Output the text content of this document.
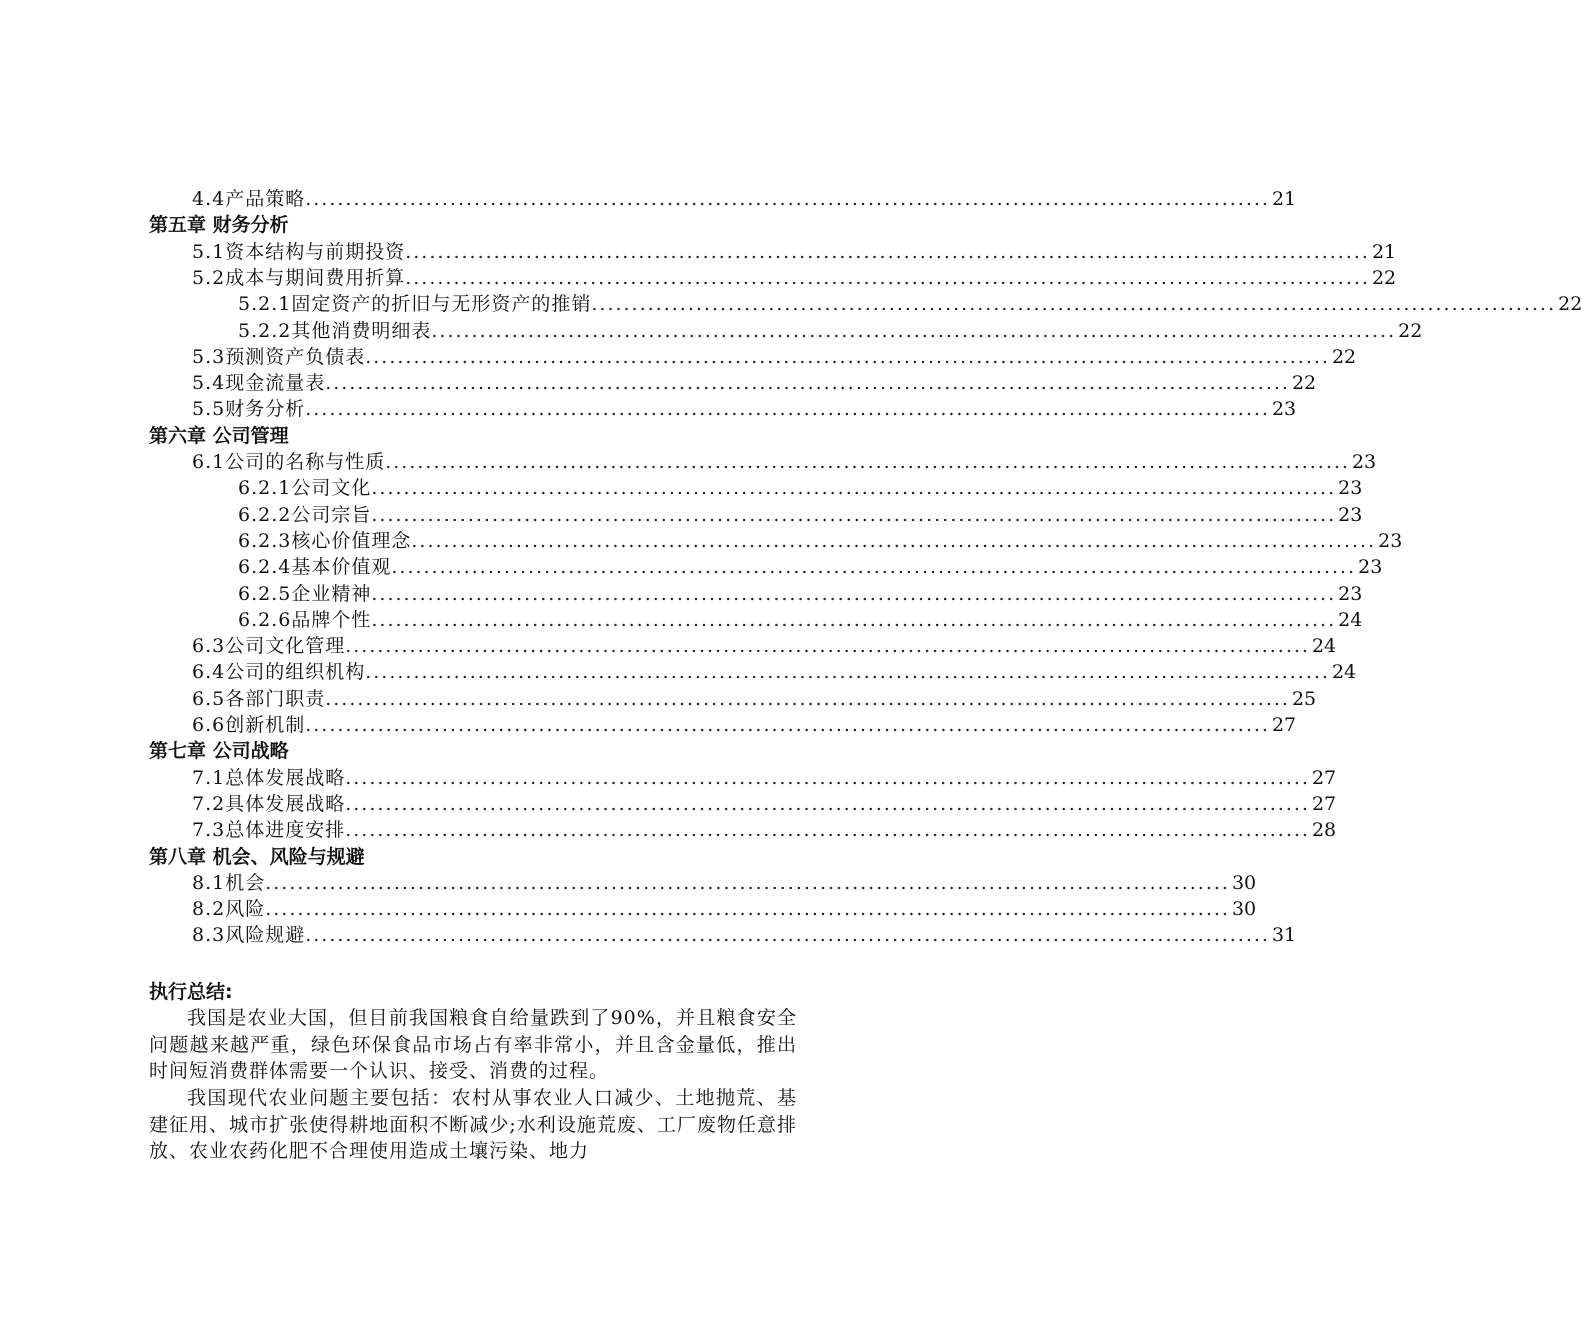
4.4产品策略 ........................................................................................................................ 21
第五章 财务分析
5.1资本结构与前期投资 ........................................................................................................................ 21
5.2成本与期间费用折算 ........................................................................................................................ 22
5.2.1固定资产的折旧与无形资产的推销 ........................................................................................................................ 22
5.2.2其他消费明细表 ........................................................................................................................ 22
5.3预测资产负债表 ........................................................................................................................ 22
5.4现金流量表 ........................................................................................................................ 22
5.5财务分析 ........................................................................................................................ 23
第六章 公司管理
6.1公司的名称与性质 ........................................................................................................................ 23
6.2.1公司文化 ........................................................................................................................ 23
6.2.2公司宗旨 ........................................................................................................................ 23
6.2.3核心价值理念 ........................................................................................................................ 23
6.2.4基本价值观 ........................................................................................................................ 23
6.2.5企业精神 ........................................................................................................................ 23
6.2.6品牌个性 ........................................................................................................................ 24
6.3公司文化管理 ........................................................................................................................ 24
6.4公司的组织机构 ........................................................................................................................ 24
6.5各部门职责 ........................................................................................................................ 25
6.6创新机制 ........................................................................................................................ 27
第七章 公司战略
7.1总体发展战略 ........................................................................................................................ 27
7.2具体发展战略 ........................................................................................................................ 27
7.3总体进度安排 ........................................................................................................................ 28
第八章 机会、风险与规避
8.1机会 ........................................................................................................................ 30
8.2风险 ........................................................................................................................ 30
8.3风险规避 ........................................................................................................................ 31
执行总结:
我国是农业大国，但目前我国粮食自给量跌到了90%，并且粮食安全问题越来越严重，绿色环保食品市场占有率非常小，并且含金量低，推出时间短消费群体需要一个认识、接受、消费的过程。
我国现代农业问题主要包括：农村从事农业人口减少、土地抛荒、基建征用、城市扩张使得耕地面积不断减少;水利设施荒废、工厂废物任意排放、农业农药化肥不合理使用造成土壤污染、地力
